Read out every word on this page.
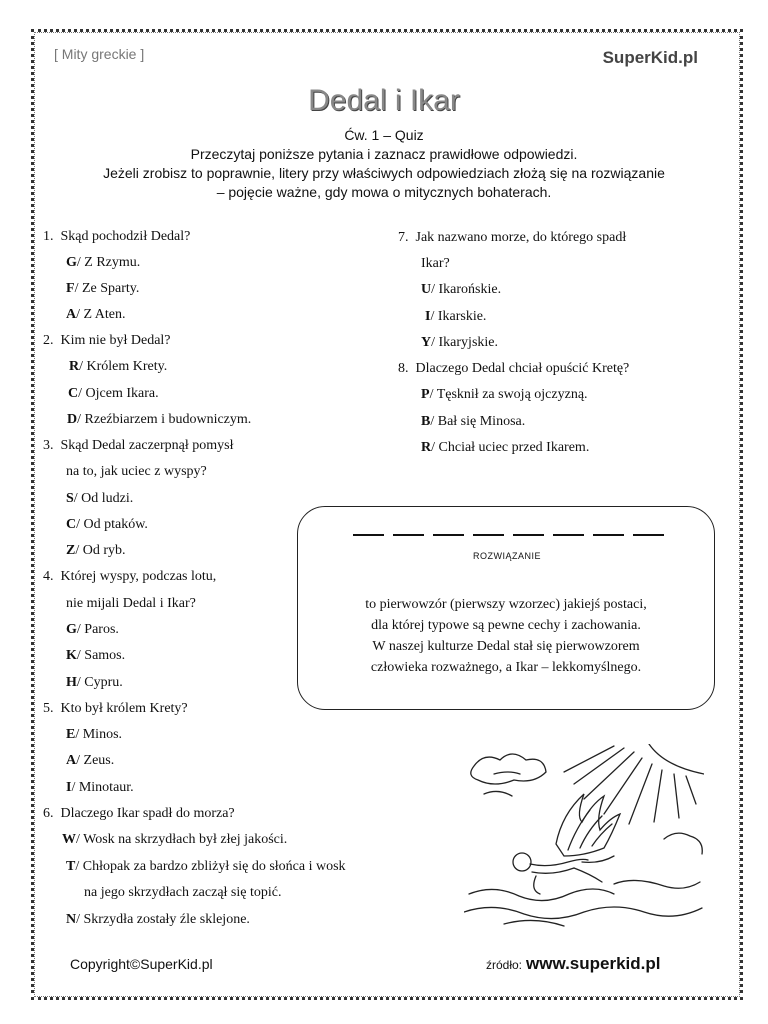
[ Mity greckie ]	SuperKid.pl
Dedal i Ikar
Ćw. 1 – Quiz
Przeczytaj poniższe pytania i zaznacz prawidłowe odpowiedzi.
Jeżeli zrobisz to poprawnie, litery przy właściwych odpowiedziach złożą się na rozwiązanie
– pojęcie ważne, gdy mowa o mitycznych bohaterach.
1. Skąd pochodził Dedal?
G/ Z Rzymu.
F/ Ze Sparty.
A/ Z Aten.
2. Kim nie był Dedal?
R/ Królem Krety.
C/ Ojcem Ikara.
D/ Rzeźbiarzem i budowniczym.
3. Skąd Dedal zaczerpnął pomysł
na to, jak uciec z wyspy?
S/ Od ludzi.
C/ Od ptaków.
Z/ Od ryb.
4. Której wyspy, podczas lotu,
nie mijali Dedal i Ikar?
G/ Paros.
K/ Samos.
H/ Cypru.
5. Kto był królem Krety?
E/ Minos.
A/ Zeus.
I/ Minotaur.
6. Dlaczego Ikar spadł do morza?
W/ Wosk na skrzydłach był złej jakości.
T/ Chłopak za bardzo zbliżył się do słońca i wosk
na jego skrzydłach zaczął się topić.
N/ Skrzydła zostały źle sklejone.
7. Jak nazwano morze, do którego spadł
Ikar?
U/ Ikarońskie.
I/ Ikarskie.
Y/ Ikaryjskie.
8. Dlaczego Dedal chciał opuścić Kretę?
P/ Tęsknił za swoją ojczyzną.
B/ Bał się Minosa.
R/ Chciał uciec przed Ikarem.
ROZWIĄZANIE
to pierwowzór (pierwszy wzorzec) jakiejś postaci,
dla której typowe są pewne cechy i zachowania.
W naszej kulturze Dedal stał się pierwowzorem
człowieka rozważnego, a Ikar – lekkomyślnego.
Copyright©SuperKid.pl	źródło: www.superkid.pl
